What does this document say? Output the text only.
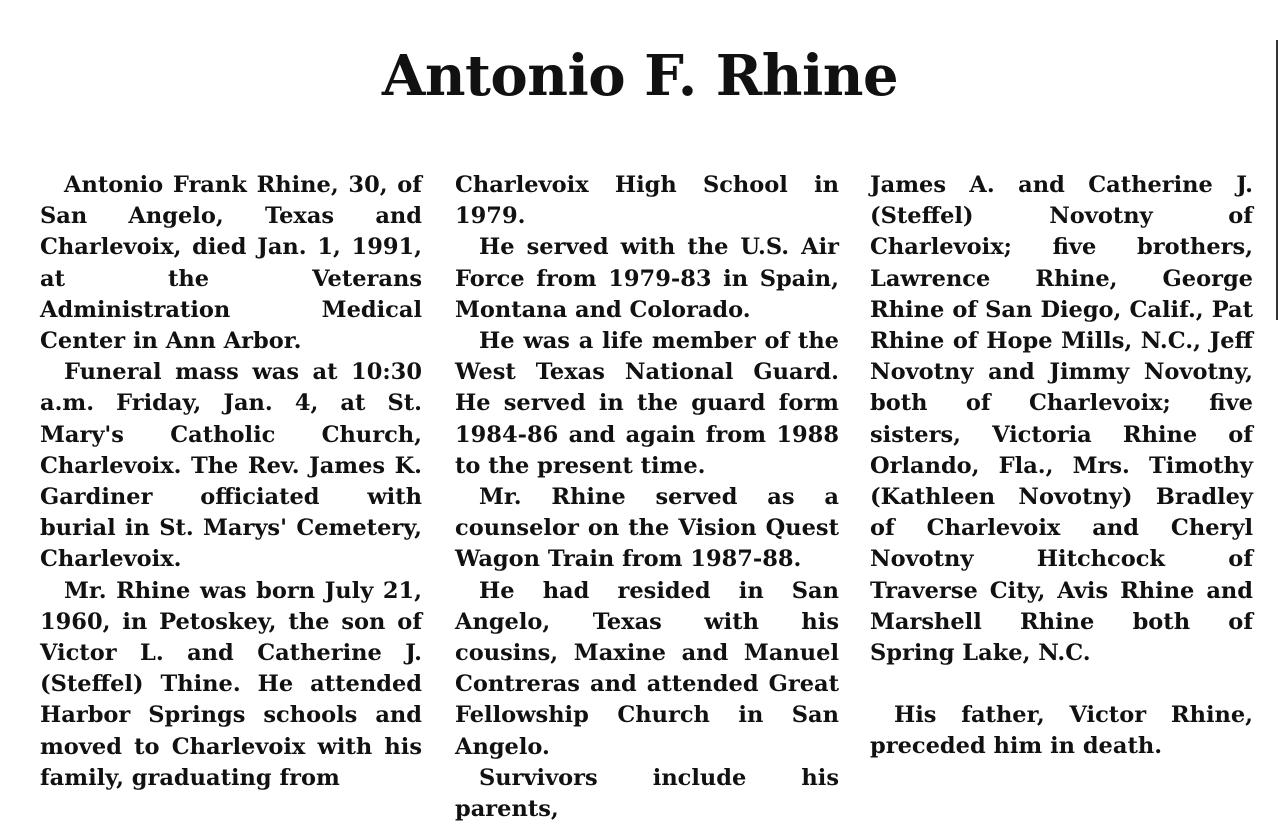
Antonio F. Rhine

Antonio Frank Rhine, 30, of San Angelo, Texas and Charlevoix, died Jan. 1, 1991, at the Veterans Administration Medical Center in Ann Arbor.

Funeral mass was at 10:30 a.m. Friday, Jan. 4, at St. Mary's Catholic Church, Charlevoix. The Rev. James K. Gardiner officiated with burial in St. Marys' Cemetery, Charlevoix.

Mr. Rhine was born July 21, 1960, in Petoskey, the son of Victor L. and Catherine J. (Steffel) Thine. He attended Harbor Springs schools and moved to Charlevoix with his family, graduating from

Charlevoix High School in 1979.

He served with the U.S. Air Force from 1979-83 in Spain, Montana and Colorado.

He was a life member of the West Texas National Guard. He served in the guard form 1984-86 and again from 1988 to the present time.

Mr. Rhine served as a counselor on the Vision Quest Wagon Train from 1987-88.

He had resided in San Angelo, Texas with his cousins, Maxine and Manuel Contreras and attended Great Fellowship Church in San Angelo.

Survivors include his parents,

James A. and Catherine J. (Steffel) Novotny of Charlevoix; five brothers, Lawrence Rhine, George Rhine of San Diego, Calif., Pat Rhine of Hope Mills, N.C., Jeff Novotny and Jimmy Novotny, both of Charlevoix; five sisters, Victoria Rhine of Orlando, Fla., Mrs. Timothy (Kathleen Novotny) Bradley of Charlevoix and Cheryl Novotny Hitchcock of Traverse City, Avis Rhine and Marshell Rhine both of Spring Lake, N.C.

His father, Victor Rhine, preceded him in death.
